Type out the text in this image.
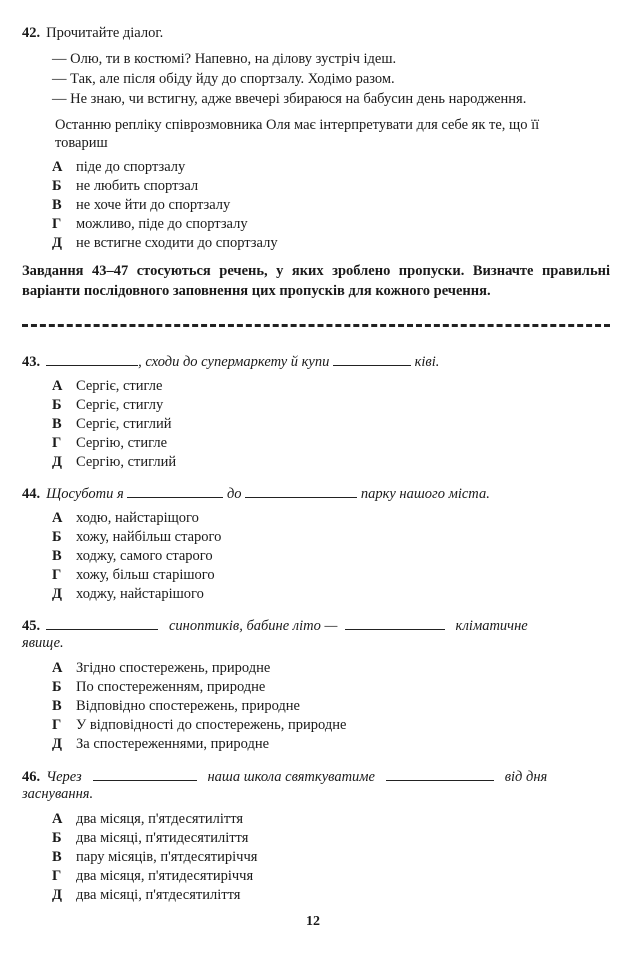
42. Прочитайте діалог.
— Олю, ти в костюмі? Напевно, на ділову зустріч ідеш.
— Так, але після обіду йду до спортзалу. Ходімо разом.
— Не знаю, чи встигну, адже ввечері збираюся на бабусин день народження.
Останню репліку співрозмовника Оля має інтерпретувати для себе як те, що її
товариш
А піде до спортзалу
Б не любить спортзал
В не хоче йти до спортзалу
Г можливо, піде до спортзалу
Д не встигне сходити до спортзалу
Завдання 43–47 стосуються речень, у яких зроблено пропуски. Визначте правильні варіанти послідовного заповнення цих пропусків для кожного речення.
43.	, сходи до супермаркету й купи	ківі.
А Сергіє, стигле
Б Сергіє, стиглу
В Сергіє, стиглий
Г Сергію, стигле
Д Сергію, стиглий
44. Щосуботи я	до	парку нашого міста.
А ходю, найстаріщого
Б хожу, найбільш старого
В ходжу, самого старого
Г хожу, більш старішого
Д ходжу, найстарішого
45.	синоптиків, бабине літо —	кліматичне
явище.
А Згідно спостережень, природне
Б По спостереженням, природне
В Відповідно спостережень, природне
Г У відповідності до спостережень, природне
Д За спостереженнями, природне
46. Через	наша школа святкуватиме	від дня
заснування.
А два місяця, п'ятдесятиліття
Б два місяці, п'ятидесятиліття
В пару місяців, п'ятдесятиріччя
Г два місяця, п'ятидесятиріччя
Д два місяці, п'ятдесятиліття
12
